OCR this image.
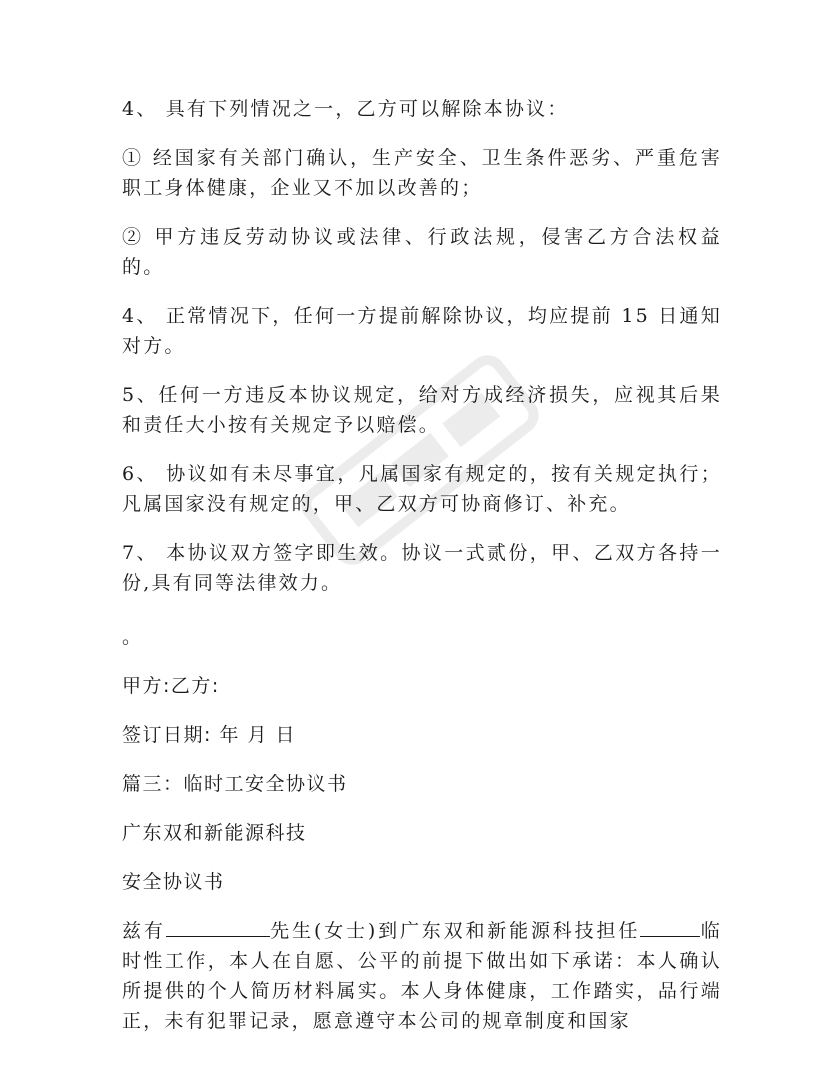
4、 具有下列情况之一，乙方可以解除本协议：

① 经国家有关部门确认，生产安全、卫生条件恶劣、严重危害职工身体健康，企业又不加以改善的；

② 甲方违反劳动协议或法律、行政法规，侵害乙方合法权益的。

4、 正常情况下，任何一方提前解除协议，均应提前 15 日通知对方。

5、任何一方违反本协议规定，给对方成经济损失，应视其后果和责任大小按有关规定予以赔偿。

6、 协议如有未尽事宜，凡属国家有规定的，按有关规定执行；凡属国家没有规定的，甲、乙双方可协商修订、补充。

7、 本协议双方签字即生效。协议一式贰份，甲、乙双方各持一份,具有同等法律效力。

。

甲方:乙方:

签订日期: 年 月 日

篇三：临时工安全协议书

广东双和新能源科技

安全协议书

兹有	先生(女士)到广东双和新能源科技担任	临时性工作，本人在自愿、公平的前提下做出如下承诺：本人确认所提供的个人简历材料属实。本人身体健康，工作踏实，品行端正，未有犯罪记录，愿意遵守本公司的规章制度和国家
